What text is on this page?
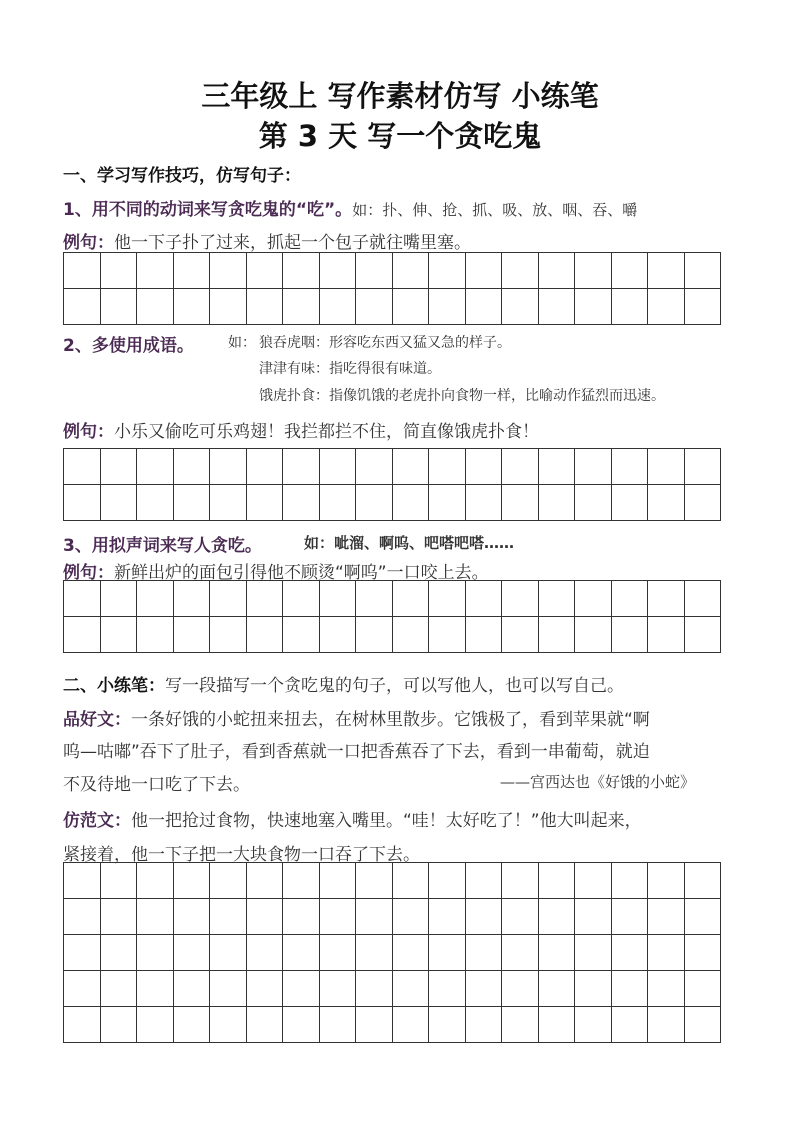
三年级上 写作素材仿写 小练笔
第 3 天 写一个贪吃鬼
一、学习写作技巧，仿写句子：
1、用不同的动词来写贪吃鬼的“吃”。如：扑、伸、抢、抓、吸、放、咽、吞、嚼
例句：他一下子扑了过来，抓起一个包子就往嘴里塞。
2、多使用成语。 如： 狼吞虎咽：形容吃东西又猛又急的样子。
津津有味：指吃得很有味道。
饿虎扑食：指像饥饿的老虎扑向食物一样，比喻动作猛烈而迅速。
例句：小乐又偷吃可乐鸡翅！我拦都拦不住，简直像饿虎扑食！
3、用拟声词来写人贪吃。	如：呲溜、啊呜、吧嗒吧嗒……
例句：新鲜出炉的面包引得他不顾烫“啊呜”一口咬上去。
二、小练笔：写一段描写一个贪吃鬼的句子，可以写他人，也可以写自己。
品好文：一条好饿的小蛇扭来扭去，在树林里散步。它饿极了，看到苹果就“啊
呜—咕嘟”吞下了肚子，看到香蕉就一口把香蕉吞了下去，看到一串葡萄，就迫
不及待地一口吃了下去。	——宫西达也《好饿的小蛇》
仿范文：他一把抢过食物，快速地塞入嘴里。“哇！太好吃了！”他大叫起来，
紧接着，他一下子把一大块食物一口吞了下去。
